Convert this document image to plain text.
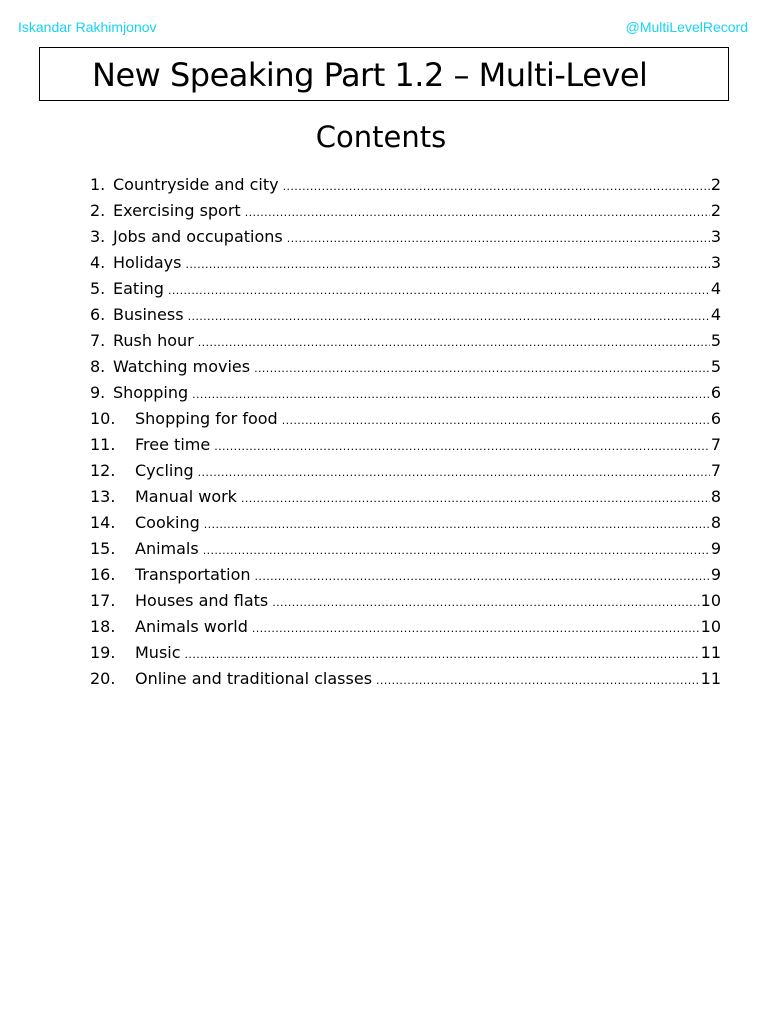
Iskandar Rakhimjonov	@MultiLevelRecord
New Speaking Part 1.2 – Multi-Level
Contents
1. Countryside and city .....	2
2. Exercising sport .....	2
3. Jobs and occupations .....	3
4. Holidays .....	3
5. Eating .....	4
6. Business .....	4
7. Rush hour .....	5
8. Watching movies .....	5
9. Shopping .....	6
10.	Shopping for food .....	6
11.	Free time .....	7
12.	Cycling .....	7
13.	Manual work .....	8
14.	Cooking .....	8
15.	Animals .....	9
16.	Transportation .....	9
17.	Houses and flats .....	10
18.	Animals world .....	10
19.	Music .....	11
20.	Online and traditional classes .....	11
